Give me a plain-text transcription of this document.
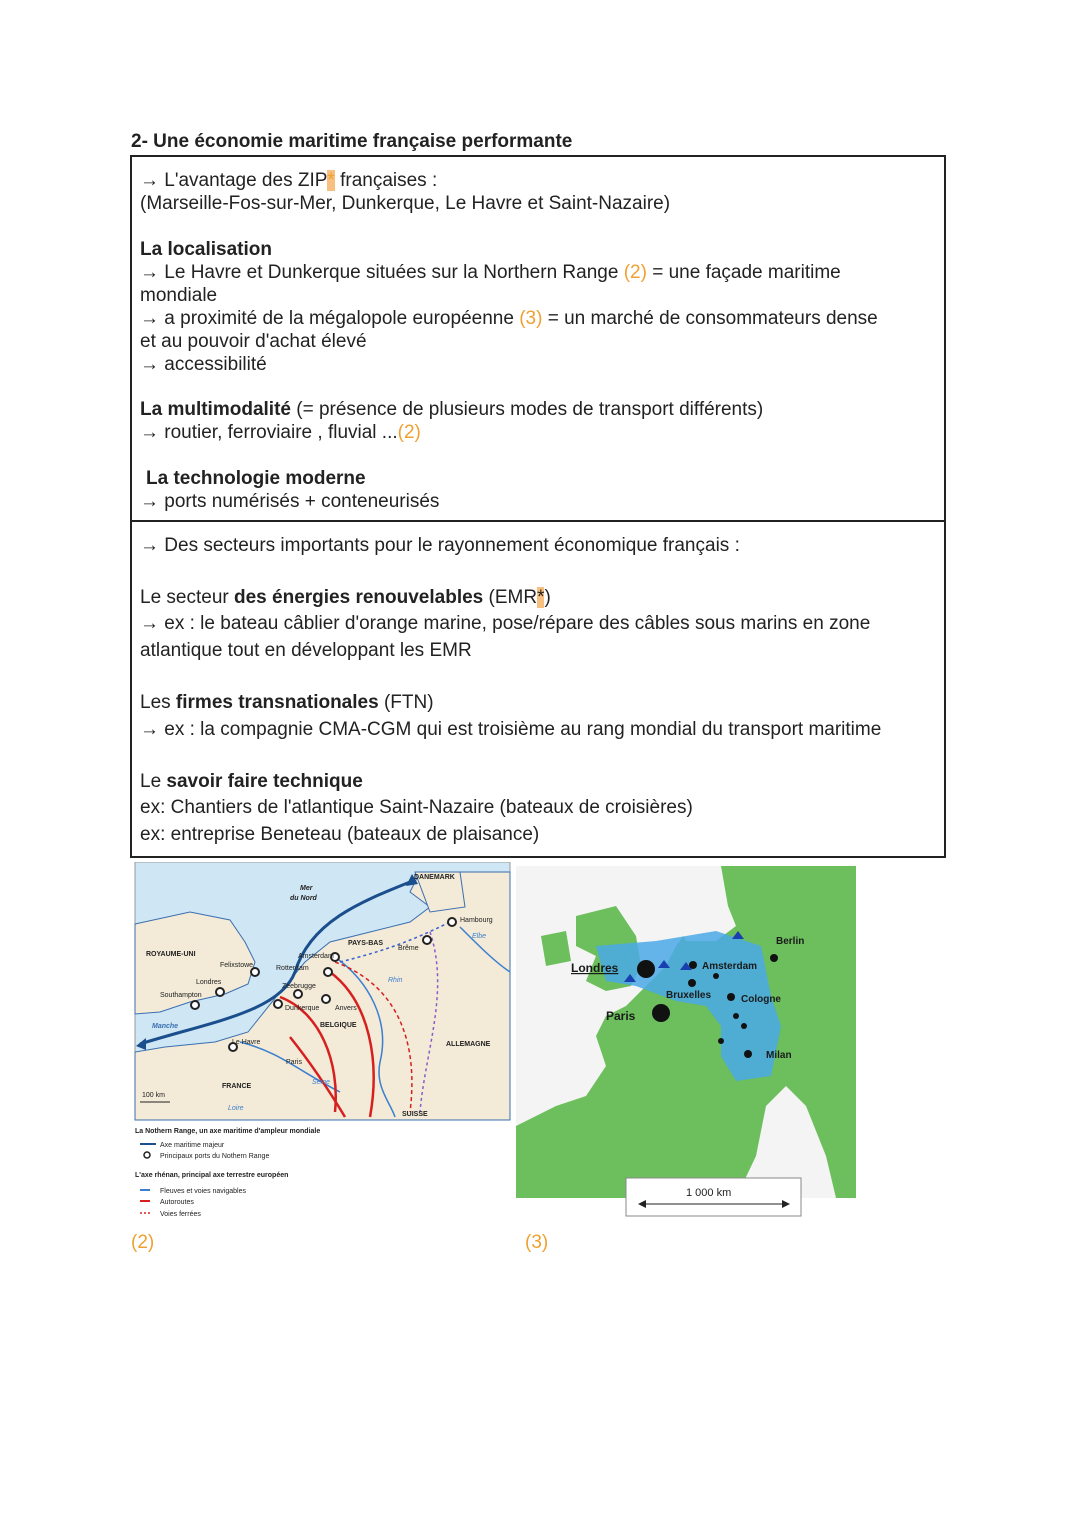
2- Une économie maritime française performante
→ L'avantage des ZIP* françaises :
(Marseille-Fos-sur-Mer, Dunkerque, Le Havre et Saint-Nazaire)
La localisation
→ Le Havre et Dunkerque situées sur la Northern Range (2) = une façade maritime
mondiale
→ a proximité de la mégalopole européenne (3) = un marché de consommateurs dense
et au pouvoir d'achat élevé
→ accessibilité
La multimodalité (= présence de plusieurs modes de transport différents)
→ routier, ferroviaire , fluvial ...(2)
La technologie moderne
→ ports numérisés + conteneurisés
→ Des secteurs importants pour le rayonnement économique français :
Le secteur des énergies renouvelables (EMR*)
→ ex : le bateau câblier d'orange marine, pose/répare des câbles sous marins en zone
atlantique tout en développant les EMR
Les firmes transnationales (FTN)
→ ex : la compagnie CMA-CGM qui est troisième au rang mondial du transport maritime
Le savoir faire technique
ex: Chantiers de l'atlantique Saint-Nazaire (bateaux de croisières)
ex: entreprise Beneteau (bateaux de plaisance)
Mer
du Nord
DANEMARK
Hambourg
Elbe
Brême
PAYS-BAS
Amsterdam
Rotterdam
ROYAUME-UNI
Felixstowe
Londres
Southampton
Zeebrugge
Dunkerque Anvers
BELGIQUE
Rhin
Manche
Le Havre
Paris
ALLEMAGNE
Seine
FRANCE
Loire
SUISSE
100 km
La Nothern Range, un axe maritime d'ampleur mondiale
Axe maritime majeur
Principaux ports du Nothern Range
L'axe rhénan, principal axe terrestre européen
Fleuves et voies navigables
Autoroutes
Voies ferrées
(2)
Londres	Amsterdam
Berlin
Bruxelles	Cologne
Paris
Milan
1 000 km
(3)
